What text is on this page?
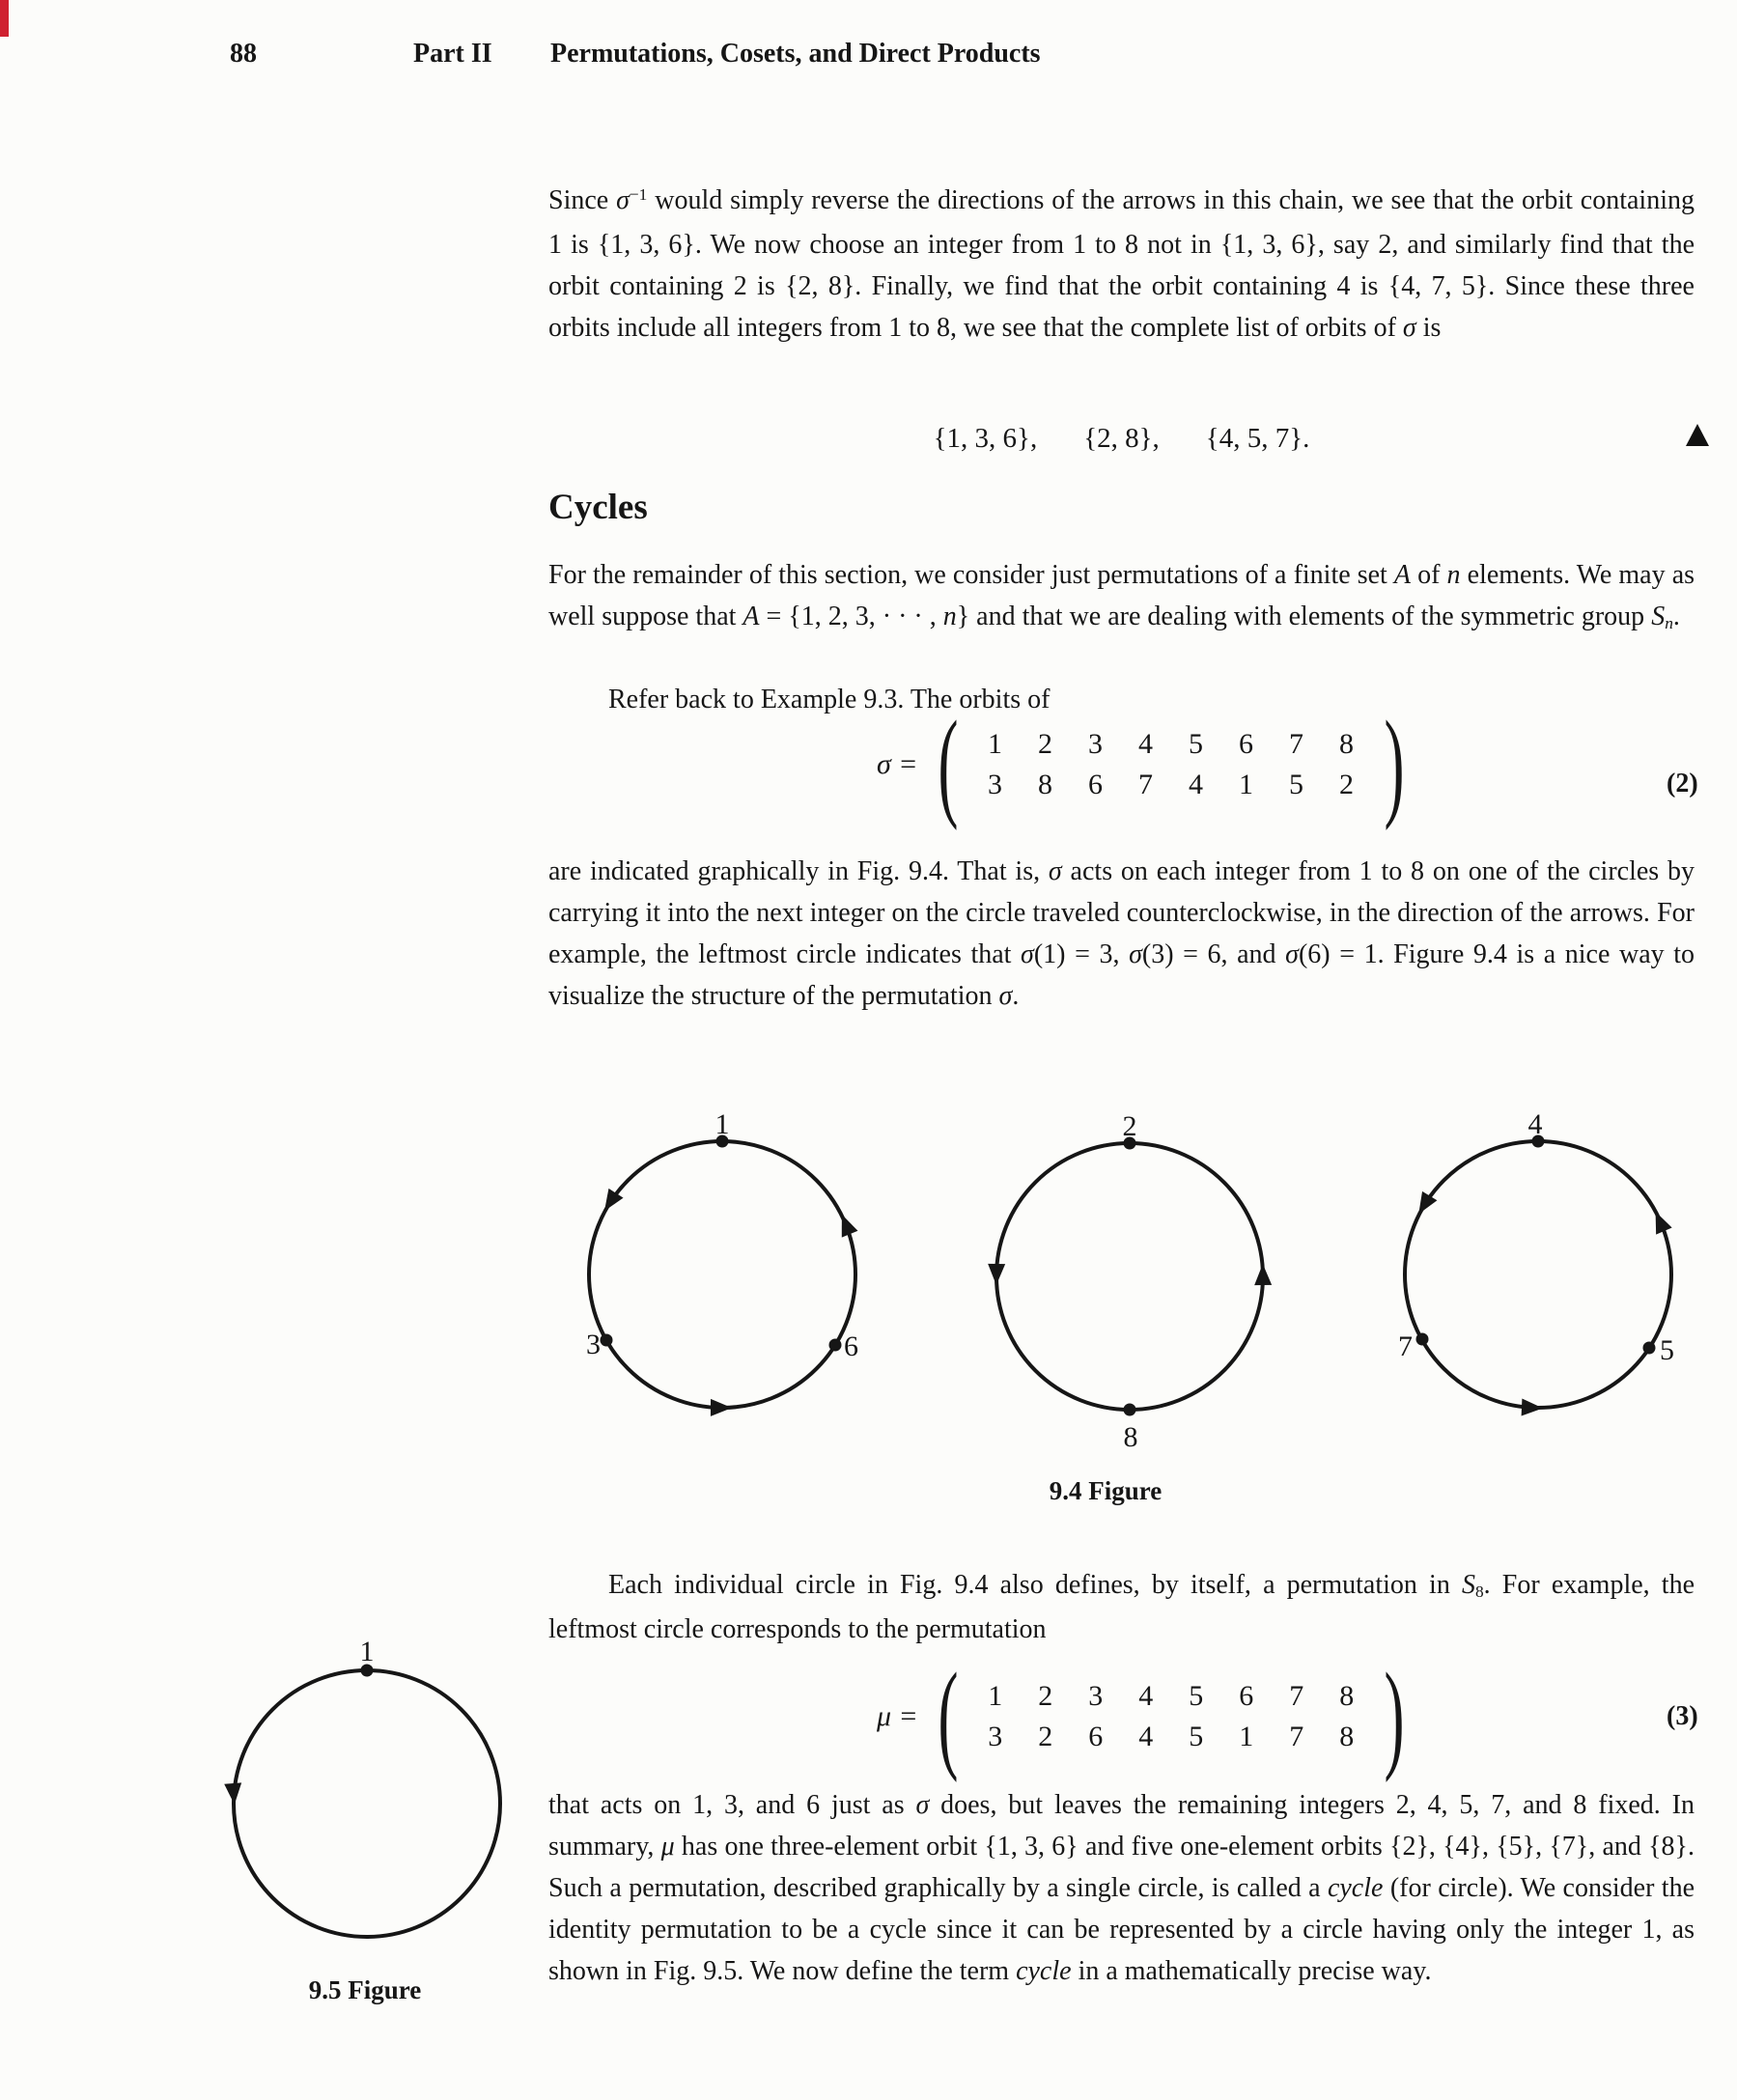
88	Part II Permutations, Cosets, and Direct Products
Since $\sigma^{-1}$ would simply reverse the directions of the arrows in this chain, we see that the orbit containing 1 is {1, 3, 6}. We now choose an integer from 1 to 8 not in {1, 3, 6}, say 2, and similarly find that the orbit containing 2 is {2, 8}. Finally, we find that the orbit containing 4 is {4, 7, 5}. Since these three orbits include all integers from 1 to 8, we see that the complete list of orbits of σ is
{1, 3, 6}, {2, 8}, {4, 5, 7}.
Cycles
For the remainder of this section, we consider just permutations of a finite set A of n elements. We may as well suppose that A = {1, 2, 3, · · · , n} and that we are dealing with elements of the symmetric group Sn.
Refer back to Example 9.3. The orbits of
σ = (	1	2	3	4	5	6	7	8
3	8	6	7	4	1	5	2 )	(2)
are indicated graphically in Fig. 9.4. That is, σ acts on each integer from 1 to 8 on one of the circles by carrying it into the next integer on the circle traveled counterclockwise, in the direction of the arrows. For example, the leftmost circle indicates that σ(1) = 3, σ(3) = 6, and σ(6) = 1. Figure 9.4 is a nice way to visualize the structure of the permutation σ.
1
3	6
2
8
4
7	5
9.4 Figure
Each individual circle in Fig. 9.4 also defines, by itself, a permutation in S8. For example, the leftmost circle corresponds to the permutation
μ = (	1	2	3	4	5	6	7	8
3	2	6	4	5	1	7	8 )	(3)
1
9.5 Figure
that acts on 1, 3, and 6 just as σ does, but leaves the remaining integers 2, 4, 5, 7, and 8 fixed. In summary, μ has one three-element orbit {1, 3, 6} and five one-element orbits {2}, {4}, {5}, {7}, and {8}. Such a permutation, described graphically by a single circle, is called a cycle (for circle). We consider the identity permutation to be a cycle since it can be represented by a circle having only the integer 1, as shown in Fig. 9.5. We now define the term cycle in a mathematically precise way.
